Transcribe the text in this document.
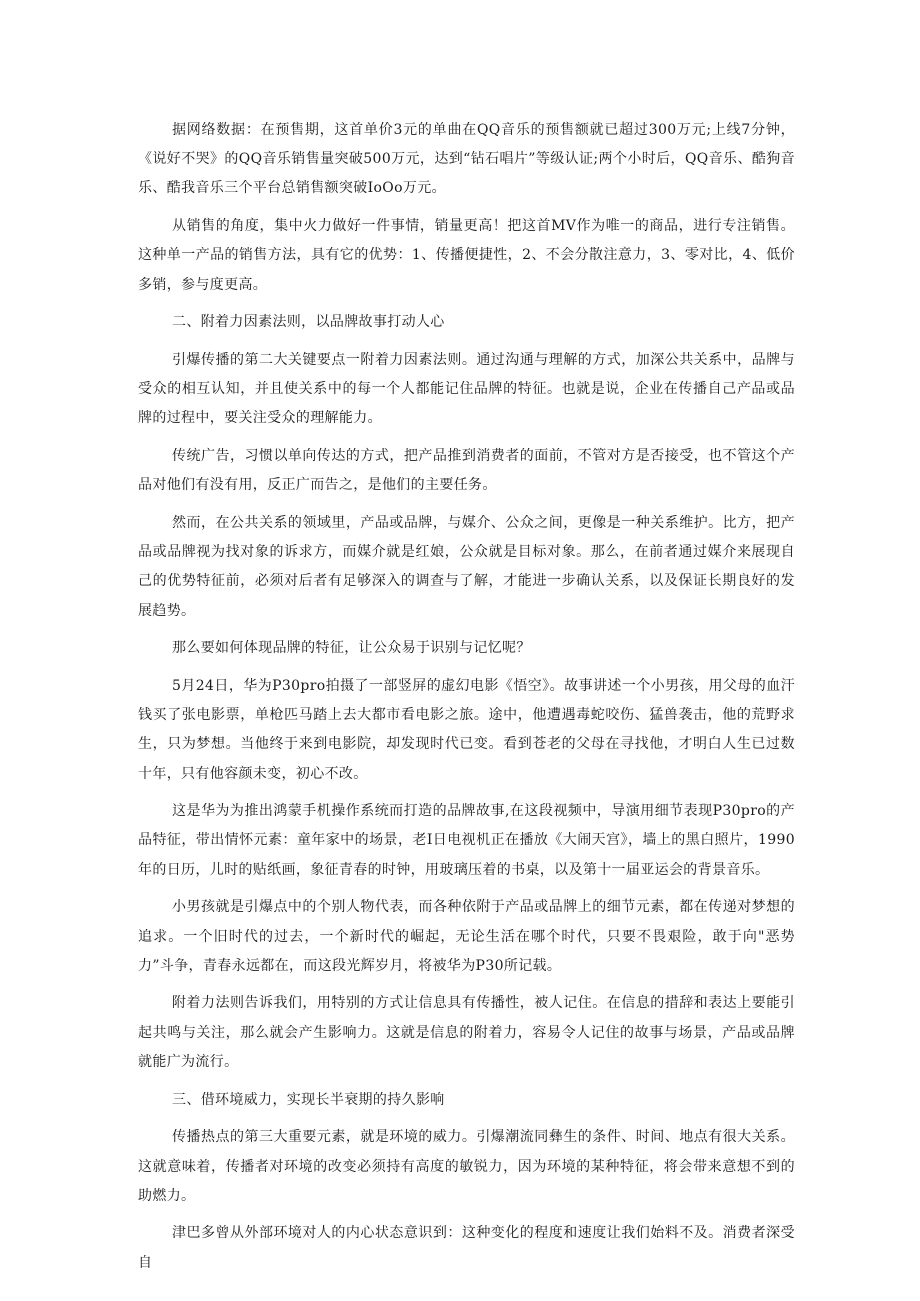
据网络数据：在预售期，这首单价3元的单曲在QQ音乐的预售额就已超过300万元;上线7分钟，《说好不哭》的QQ音乐销售量突破500万元，达到“钻石唱片”等级认证;两个小时后，QQ音乐、酷狗音乐、酷我音乐三个平台总销售额突破IoOo万元。

从销售的角度，集中火力做好一件事情，销量更高！把这首MV作为唯一的商品，进行专注销售。这种单一产品的销售方法，具有它的优势：1、传播便捷性，2、不会分散注意力，3、零对比，4、低价多销，参与度更高。

二、附着力因素法则，以品牌故事打动人心

引爆传播的第二大关键要点一附着力因素法则。通过沟通与理解的方式，加深公共关系中，品牌与受众的相互认知，并且使关系中的每一个人都能记住品牌的特征。也就是说，企业在传播自己产品或品牌的过程中，要关注受众的理解能力。

传统广告，习惯以单向传达的方式，把产品推到消费者的面前，不管对方是否接受，也不管这个产品对他们有没有用，反正广而告之，是他们的主要任务。

然而，在公共关系的领域里，产品或品牌，与媒介、公众之间，更像是一种关系维护。比方，把产品或品牌视为找对象的诉求方，而媒介就是红娘，公众就是目标对象。那么，在前者通过媒介来展现自己的优势特征前，必须对后者有足够深入的调查与了解，才能进一步确认关系，以及保证长期良好的发展趋势。

那么要如何体现品牌的特征，让公众易于识别与记忆呢？

5月24日，华为P30pro拍摄了一部竖屏的虚幻电影《悟空》。故事讲述一个小男孩，用父母的血汗钱买了张电影票，单枪匹马踏上去大都市看电影之旅。途中，他遭遇毒蛇咬伤、猛兽袭击，他的荒野求生，只为梦想。当他终于来到电影院，却发现时代已变。看到苍老的父母在寻找他，才明白人生已过数十年，只有他容颜未变，初心不改。

这是华为为推出鸿蒙手机操作系统而打造的品牌故事,在这段视频中，导演用细节表现P30pro的产品特征，带出情怀元素：童年家中的场景，老I日电视机正在播放《大闹天宫》，墙上的黑白照片，1990年的日历，儿时的贴纸画，象征青春的时钟，用玻璃压着的书桌，以及第十一届亚运会的背景音乐。

小男孩就是引爆点中的个别人物代表，而各种依附于产品或品牌上的细节元素，都在传递对梦想的追求。一个旧时代的过去，一个新时代的崛起，无论生活在哪个时代，只要不畏艰险，敢于向"恶势力”斗争，青春永远都在，而这段光辉岁月，将被华为P30所记载。

附着力法则告诉我们，用特别的方式让信息具有传播性，被人记住。在信息的措辞和表达上要能引起共鸣与关注，那么就会产生影响力。这就是信息的附着力，容易令人记住的故事与场景，产品或品牌就能广为流行。

三、借环境威力，实现长半衰期的持久影响

传播热点的第三大重要元素，就是环境的威力。引爆潮流同彝生的条件、时间、地点有很大关系。这就意味着，传播者对环境的改变必须持有高度的敏锐力，因为环境的某种特征，将会带来意想不到的助燃力。

津巴多曾从外部环境对人的内心状态意识到：这种变化的程度和速度让我们始料不及。消费者深受自
